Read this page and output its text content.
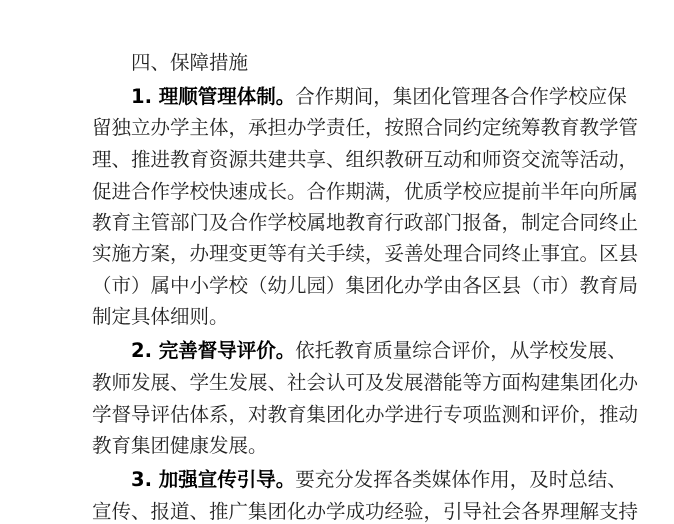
四、保障措施
1. 理顺管理体制。合作期间，集团化管理各合作学校应保
留独立办学主体，承担办学责任，按照合同约定统筹教育教学管
理、推进教育资源共建共享、组织教研互动和师资交流等活动，
促进合作学校快速成长。合作期满，优质学校应提前半年向所属
教育主管部门及合作学校属地教育行政部门报备，制定合同终止
实施方案，办理变更等有关手续，妥善处理合同终止事宜。区县
（市）属中小学校（幼儿园）集团化办学由各区县（市）教育局
制定具体细则。
2. 完善督导评价。依托教育质量综合评价，从学校发展、
教师发展、学生发展、社会认可及发展潜能等方面构建集团化办
学督导评估体系，对教育集团化办学进行专项监测和评价，推动
教育集团健康发展。
3. 加强宣传引导。要充分发挥各类媒体作用，及时总结、
宣传、报道、推广集团化办学成功经验，引导社会各界理解支持
